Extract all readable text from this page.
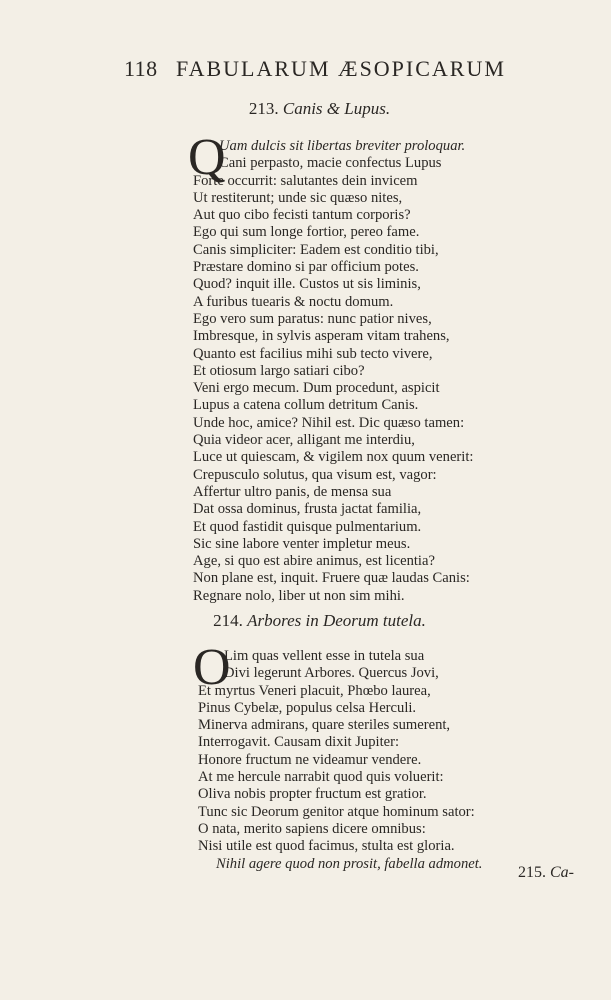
118 FABULARUM ÆSOPICARUM
213. Canis & Lupus.
Q
Uam dulcis sit libertas breviter proloquar.
Cani perpasto, macie confectus Lupus
Forte occurrit: salutantes dein invicem
Ut restiterunt; unde sic quæso nites,
Aut quo cibo fecisti tantum corporis?
Ego qui sum longe fortior, pereo fame.
Canis simpliciter: Eadem est conditio tibi,
Præstare domino si par officium potes.
Quod? inquit ille. Custos ut sis liminis,
A furibus tuearis & noctu domum.
Ego vero sum paratus: nunc patior nives,
Imbresque, in sylvis asperam vitam trahens,
Quanto est facilius mihi sub tecto vivere,
Et otiosum largo satiari cibo?
Veni ergo mecum. Dum procedunt, aspicit
Lupus a catena collum detritum Canis.
Unde hoc, amice? Nihil est. Dic quæso tamen:
Quia videor acer, alligant me interdiu,
Luce ut quiescam, & vigilem nox quum venerit:
Crepusculo solutus, qua visum est, vagor:
Affertur ultro panis, de mensa sua
Dat ossa dominus, frusta jactat familia,
Et quod fastidit quisque pulmentarium.
Sic sine labore venter impletur meus.
Age, si quo est abire animus, est licentia?
Non plane est, inquit. Fruere quæ laudas Canis:
Regnare nolo, liber ut non sim mihi.
214. Arbores in Deorum tutela.
O
Lim quas vellent esse in tutela sua
Divi legerunt Arbores. Quercus Jovi,
Et myrtus Veneri placuit, Phœbo laurea,
Pinus Cybelæ, populus celsa Herculi.
Minerva admirans, quare steriles sumerent,
Interrogavit. Causam dixit Jupiter:
Honore fructum ne videamur vendere.
At me hercule narrabit quod quis voluerit:
Oliva nobis propter fructum est gratior.
Tunc sic Deorum genitor atque hominum sator:
O nata, merito sapiens dicere omnibus:
Nisi utile est quod facimus, stulta est gloria.
Nihil agere quod non prosit, fabella admonet.
215. Ca-
